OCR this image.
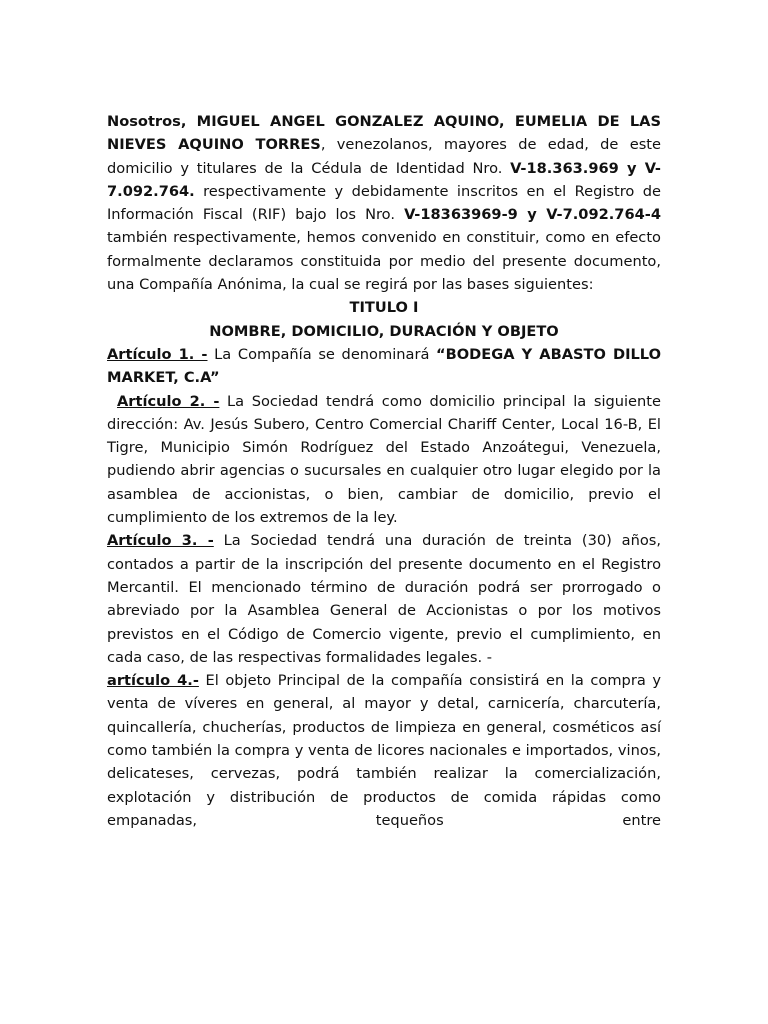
Nosotros, MIGUEL ANGEL GONZALEZ AQUINO, EUMELIA DE LAS NIEVES AQUINO TORRES, venezolanos, mayores de edad, de este domicilio y titulares de la Cédula de Identidad Nro. V-18.363.969 y V-7.092.764. respectivamente y debidamente inscritos en el Registro de Información Fiscal (RIF) bajo los Nro. V-18363969-9 y V-7.092.764-4 también respectivamente, hemos convenido en constituir, como en efecto formalmente declaramos constituida por medio del presente documento, una Compañía Anónima, la cual se regirá por las bases siguientes:

TITULO I
NOMBRE, DOMICILIO, DURACIÓN Y OBJETO

Artículo 1. - La Compañía se denominará “BODEGA Y ABASTO DILLO MARKET, C.A”

Artículo 2. - La Sociedad tendrá como domicilio principal la siguiente dirección: Av. Jesús Subero, Centro Comercial Chariff Center, Local 16-B, El Tigre, Municipio Simón Rodríguez del Estado Anzoátegui, Venezuela, pudiendo abrir agencias o sucursales en cualquier otro lugar elegido por la asamblea de accionistas, o bien, cambiar de domicilio, previo el cumplimiento de los extremos de la ley.

Artículo 3. - La Sociedad tendrá una duración de treinta (30) años, contados a partir de la inscripción del presente documento en el Registro Mercantil. El mencionado término de duración podrá ser prorrogado o abreviado por la Asamblea General de Accionistas o por los motivos previstos en el Código de Comercio vigente, previo el cumplimiento, en cada caso, de las respectivas formalidades legales. -

artículo 4.- El objeto Principal de la compañía consistirá en la compra y venta de víveres en general, al mayor y detal, carnicería, charcutería, quincallería, chucherías, productos de limpieza en general, cosméticos así como también la compra y venta de licores nacionales e importados, vinos, delicateses, cervezas, podrá también realizar la comercialización, explotación y distribución de productos de comida rápidas como empanadas, tequeños entre
